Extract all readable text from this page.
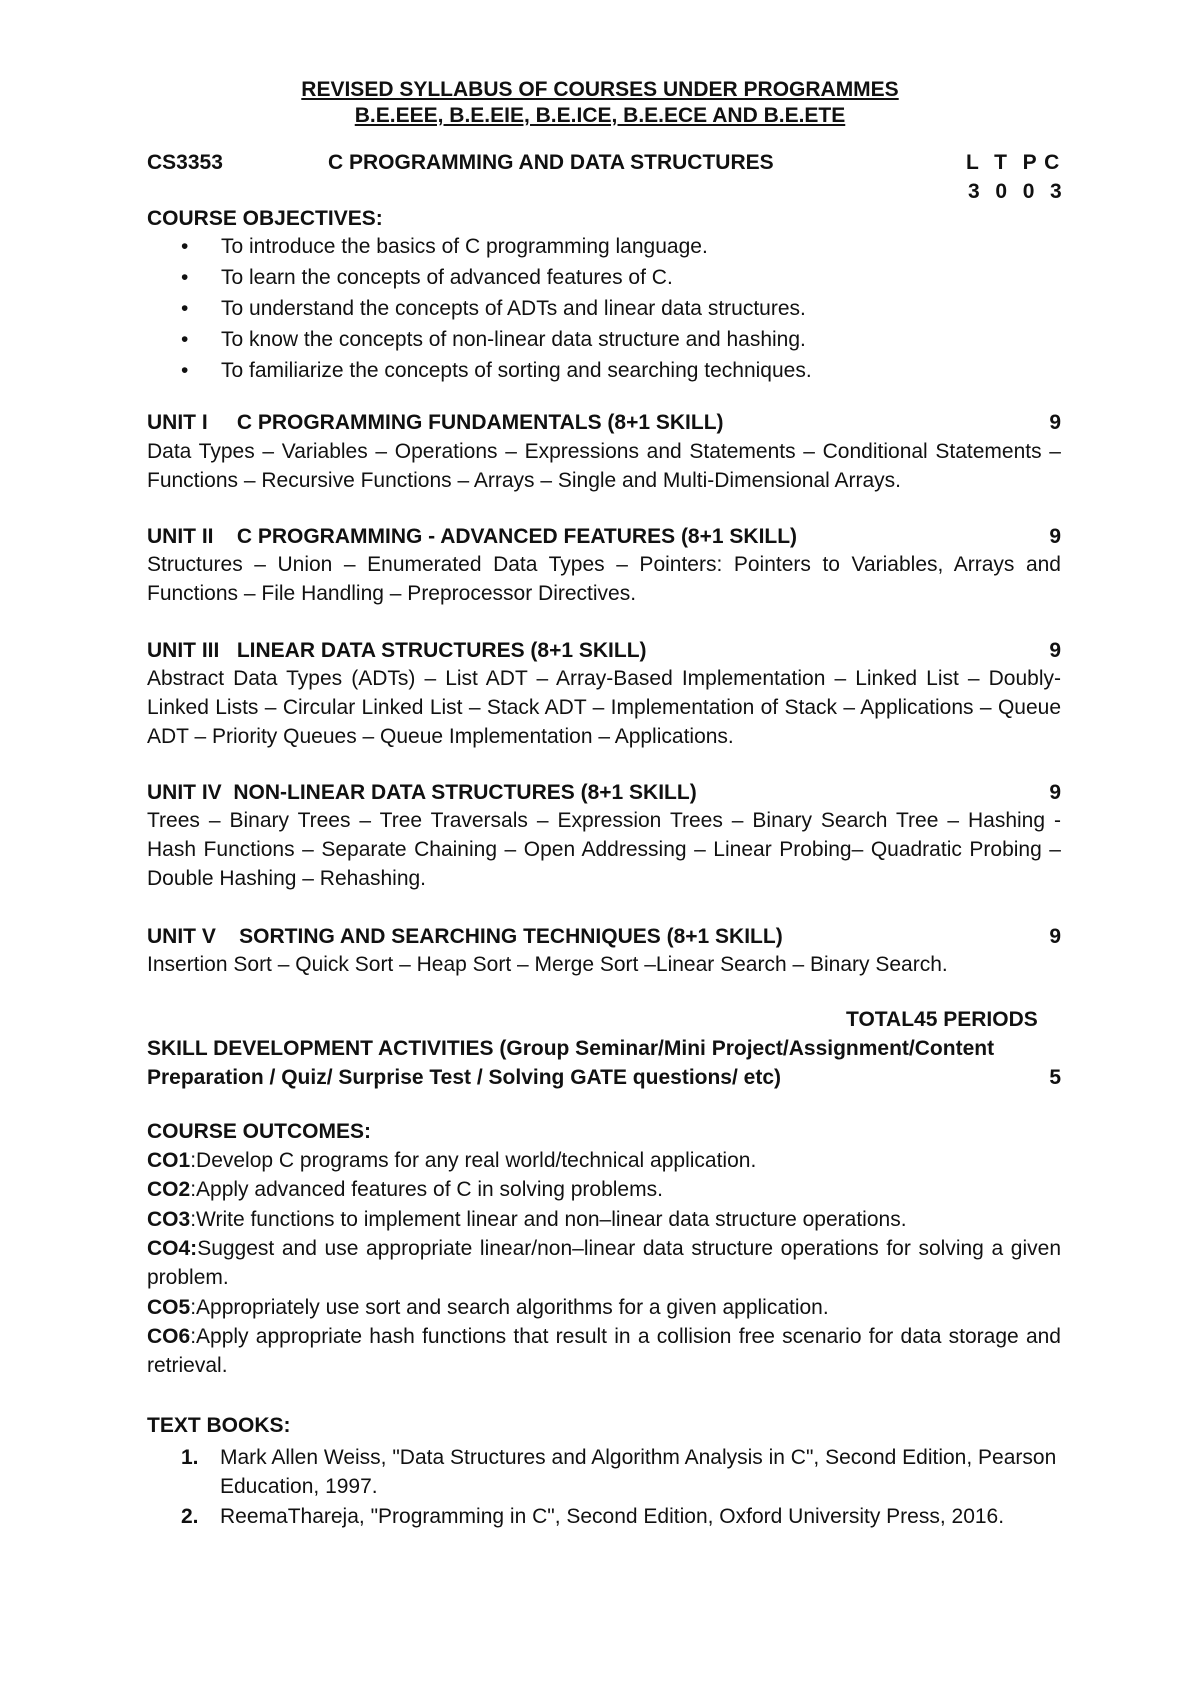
REVISED SYLLABUS OF COURSES UNDER PROGRAMMES
B.E.EEE, B.E.EIE, B.E.ICE, B.E.ECE AND B.E.ETE
CS3353	C PROGRAMMING AND DATA STRUCTURES	L  T  P C
3  0  0  3
COURSE OBJECTIVES:
• To introduce the basics of C programming language.
• To learn the concepts of advanced features of C.
• To understand the concepts of ADTs and linear data structures.
• To know the concepts of non-linear data structure and hashing.
• To familiarize the concepts of sorting and searching techniques.
UNIT I     C PROGRAMMING FUNDAMENTALS (8+1 SKILL)	9
Data Types – Variables – Operations – Expressions and Statements – Conditional Statements – Functions – Recursive Functions – Arrays – Single and Multi-Dimensional Arrays.
UNIT II    C PROGRAMMING - ADVANCED FEATURES (8+1 SKILL)	9
Structures – Union – Enumerated Data Types – Pointers: Pointers to Variables, Arrays and Functions – File Handling – Preprocessor Directives.
UNIT III   LINEAR DATA STRUCTURES (8+1 SKILL)	9
Abstract Data Types (ADTs) – List ADT – Array-Based Implementation – Linked List – Doubly-Linked Lists – Circular Linked List – Stack ADT – Implementation of Stack – Applications – Queue ADT – Priority Queues – Queue Implementation – Applications.
UNIT IV  NON-LINEAR DATA STRUCTURES (8+1 SKILL)	9
Trees – Binary Trees – Tree Traversals – Expression Trees – Binary Search Tree – Hashing - Hash Functions – Separate Chaining – Open Addressing – Linear Probing– Quadratic Probing – Double Hashing – Rehashing.
UNIT V    SORTING AND SEARCHING TECHNIQUES (8+1 SKILL)	9
Insertion Sort – Quick Sort – Heap Sort – Merge Sort –Linear Search – Binary Search.
TOTAL45 PERIODS
SKILL DEVELOPMENT ACTIVITIES (Group Seminar/Mini Project/Assignment/Content
Preparation / Quiz/ Surprise Test / Solving GATE questions/ etc)	5
COURSE OUTCOMES:
CO1:Develop C programs for any real world/technical application.
CO2:Apply advanced features of C in solving problems.
CO3:Write functions to implement linear and non–linear data structure operations.
CO4:Suggest and use appropriate linear/non–linear data structure operations for solving a given problem.
CO5:Appropriately use sort and search algorithms for a given application.
CO6:Apply appropriate hash functions that result in a collision free scenario for data storage and retrieval.
TEXT BOOKS:
1. Mark Allen Weiss, "Data Structures and Algorithm Analysis in C", Second Edition, Pearson  Education, 1997.
2. ReemaThareja, "Programming in C", Second Edition, Oxford University Press, 2016.
